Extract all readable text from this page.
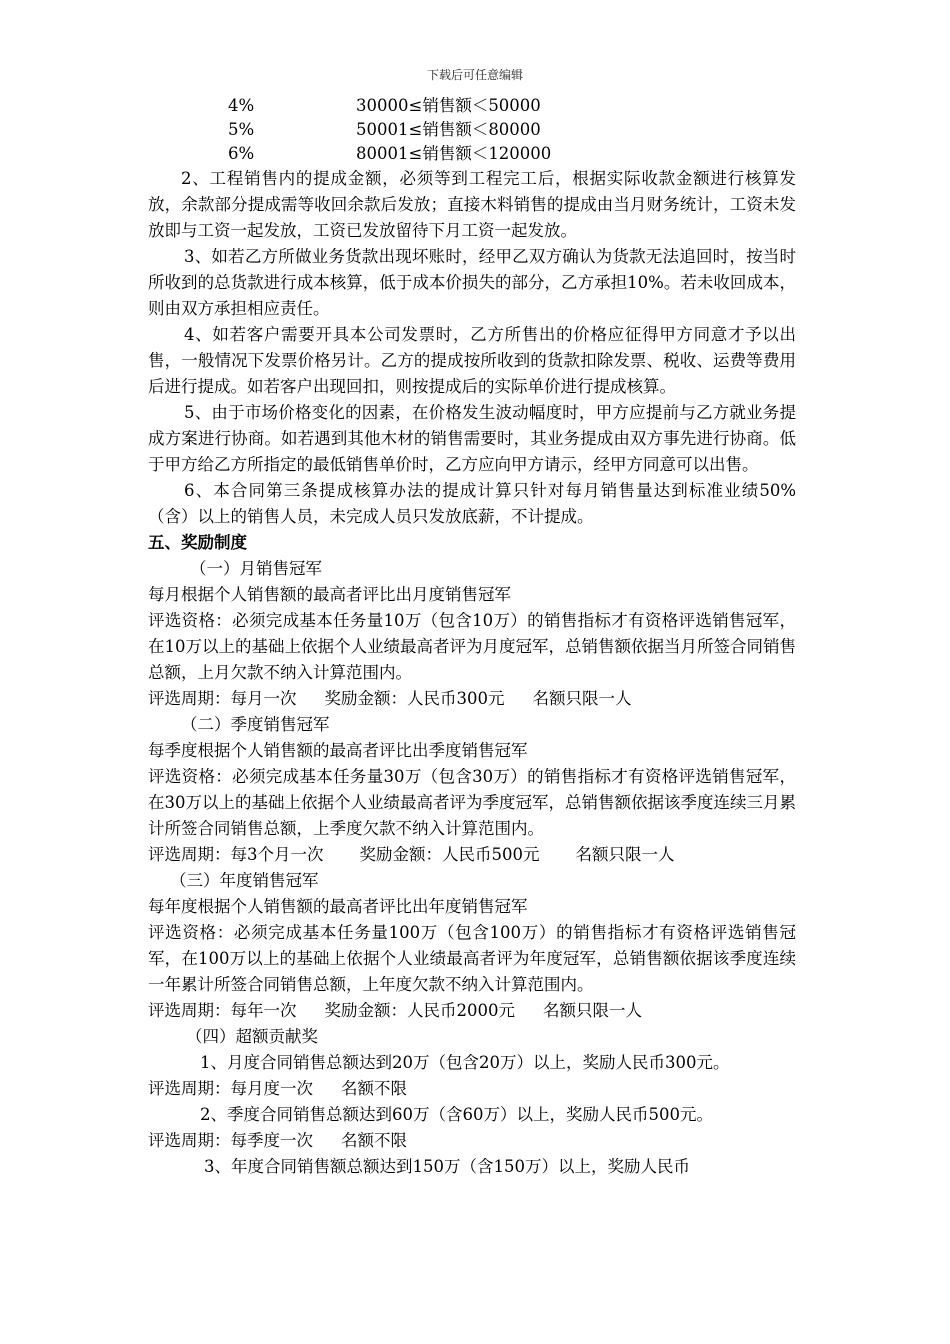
下载后可任意编辑
4%	30000≤销售额＜50000
5%	50001≤销售额＜80000
6%	80001≤销售额＜120000

2、工程销售内的提成金额，必须等到工程完工后，根据实际收款金额进行核算发放，余款部分提成需等收回余款后发放；直接木料销售的提成由当月财务统计，工资未发放即与工资一起发放，工资已发放留待下月工资一起发放。

3、如若乙方所做业务货款出现坏账时，经甲乙双方确认为货款无法追回时，按当时所收到的总货款进行成本核算，低于成本价损失的部分，乙方承担10%。若未收回成本，则由双方承担相应责任。

4、如若客户需要开具本公司发票时，乙方所售出的价格应征得甲方同意才予以出售，一般情况下发票价格另计。乙方的提成按所收到的货款扣除发票、税收、运费等费用后进行提成。如若客户出现回扣，则按提成后的实际单价进行提成核算。

5、由于市场价格变化的因素，在价格发生波动幅度时，甲方应提前与乙方就业务提成方案进行协商。如若遇到其他木材的销售需要时，其业务提成由双方事先进行协商。低于甲方给乙方所指定的最低销售单价时，乙方应向甲方请示，经甲方同意可以出售。

6、本合同第三条提成核算办法的提成计算只针对每月销售量达到标准业绩50%（含）以上的销售人员，未完成人员只发放底薪，不计提成。

五、奖励制度

（一）月销售冠军

每月根据个人销售额的最高者评比出月度销售冠军

评选资格：必须完成基本任务量10万（包含10万）的销售指标才有资格评选销售冠军，在10万以上的基础上依据个人业绩最高者评为月度冠军，总销售额依据当月所签合同销售总额，上月欠款不纳入计算范围内。

评选周期：每月一次 奖励金额：人民币300元 名额只限一人

（二）季度销售冠军

每季度根据个人销售额的最高者评比出季度销售冠军

评选资格：必须完成基本任务量30万（包含30万）的销售指标才有资格评选销售冠军，在30万以上的基础上依据个人业绩最高者评为季度冠军，总销售额依据该季度连续三月累计所签合同销售总额，上季度欠款不纳入计算范围内。

评选周期：每3个月一次 奖励金额：人民币500元 名额只限一人

（三）年度销售冠军

每年度根据个人销售额的最高者评比出年度销售冠军

评选资格：必须完成基本任务量100万（包含100万）的销售指标才有资格评选销售冠军，在100万以上的基础上依据个人业绩最高者评为年度冠军，总销售额依据该季度连续一年累计所签合同销售总额，上年度欠款不纳入计算范围内。

评选周期：每年一次 奖励金额：人民币2000元 名额只限一人

（四）超额贡献奖

1、月度合同销售总额达到20万（包含20万）以上，奖励人民币300元。

评选周期：每月度一次 名额不限

2、季度合同销售总额达到60万（含60万）以上，奖励人民币500元。

评选周期：每季度一次 名额不限

3、年度合同销售额总额达到150万（含150万）以上，奖励人民币
